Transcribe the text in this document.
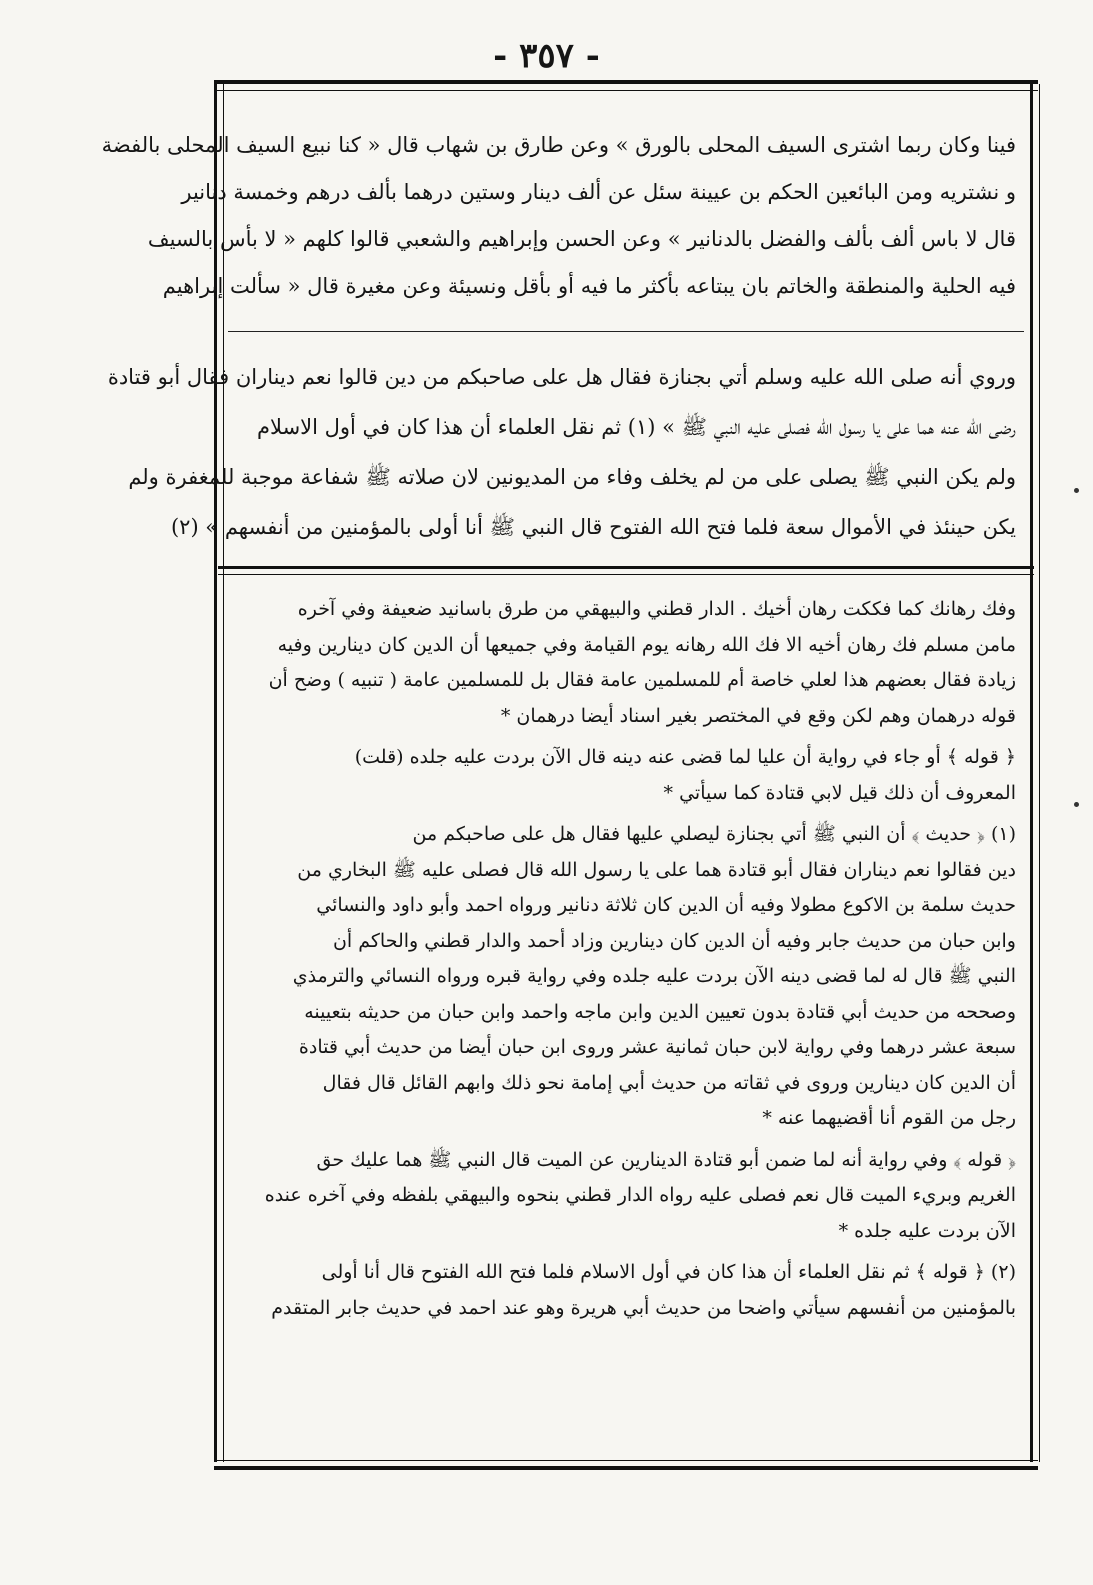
- ٣٥٧ -
فينا وكان ربما اشترى السيف المحلى بالورق » وعن طارق بن شهاب قال « كنا نبيع السيف المحلى بالفضة
و نشتريه ومن البائعين الحكم بن عيينة سئل عن ألف دينار وستين درهما بألف درهم وخمسة دنانير
قال لا باس ألف بألف والفضل بالدنانير » وعن الحسن وإبراهيم والشعبي قالوا كلهم « لا بأس بالسيف
فيه الحلية والمنطقة والخاتم بان يبتاعه بأكثر ما فيه أو بأقل ونسيئة وعن مغيرة قال « سألت إبراهيم
وروي أنه صلى الله عليه وسلم أتي بجنازة فقال هل على صاحبكم من دين قالوا نعم ديناران فقال أبو قتادة
رضى الله عنه هما على يا رسول الله فصلى عليه النبي ﷺ » (١) ثم نقل العلماء أن هذا كان في أول الاسلام
ولم يكن النبي ﷺ يصلى على من لم يخلف وفاء من المديونين لان صلاته ﷺ شفاعة موجبة للمغفرة ولم
يكن حينئذ في الأموال سعة فلما فتح الله الفتوح قال النبي ﷺ أنا أولى بالمؤمنين من أنفسهم » (٢)
وفك رهانك كما فككت رهان أخيك . الدار قطني والبيهقي من طرق باسانيد ضعيفة وفي آخره
مامن مسلم فك رهان أخيه الا فك الله رهانه يوم القيامة وفي جميعها أن الدين كان دينارين وفيه
زيادة فقال بعضهم هذا لعلي خاصة أم للمسلمين عامة فقال بل للمسلمين عامة ( تنبيه ) وضح أن
قوله درهمان وهم لكن وقع في المختصر بغير اسناد أيضا درهمان *
﴿ قوله ﴾ أو جاء في رواية أن عليا لما قضى عنه دينه قال الآن بردت عليه جلده (قلت)
المعروف أن ذلك قيل لابي قتادة كما سيأتي *
(١) ﴿ حديث ﴾ أن النبي ﷺ أتي بجنازة ليصلي عليها فقال هل على صاحبكم من
دين فقالوا نعم ديناران فقال أبو قتادة هما على يا رسول الله قال فصلى عليه ﷺ البخاري من
حديث سلمة بن الاكوع مطولا وفيه أن الدين كان ثلاثة دنانير ورواه احمد وأبو داود والنسائي
وابن حبان من حديث جابر وفيه أن الدين كان دينارين وزاد أحمد والدار قطني والحاكم أن
النبي ﷺ قال له لما قضى دينه الآن بردت عليه جلده وفي رواية قبره ورواه النسائي والترمذي
وصححه من حديث أبي قتادة بدون تعيين الدين وابن ماجه واحمد وابن حبان من حديثه بتعيينه
سبعة عشر درهما وفي رواية لابن حبان ثمانية عشر وروى ابن حبان أيضا من حديث أبي قتادة
أن الدين كان دينارين وروى في ثقاته من حديث أبي إمامة نحو ذلك وابهم القائل قال فقال
رجل من القوم أنا أقضيهما عنه *
﴿ قوله ﴾ وفي رواية أنه لما ضمن أبو قتادة الدينارين عن الميت قال النبي ﷺ هما عليك حق
الغريم وبريء الميت قال نعم فصلى عليه رواه الدار قطني بنحوه والبيهقي بلفظه وفي آخره عنده
الآن بردت عليه جلده *
(٢) ﴿ قوله ﴾ ثم نقل العلماء أن هذا كان في أول الاسلام فلما فتح الله الفتوح قال أنا أولى
بالمؤمنين من أنفسهم سيأتي واضحا من حديث أبي هريرة وهو عند احمد في حديث جابر المتقدم
